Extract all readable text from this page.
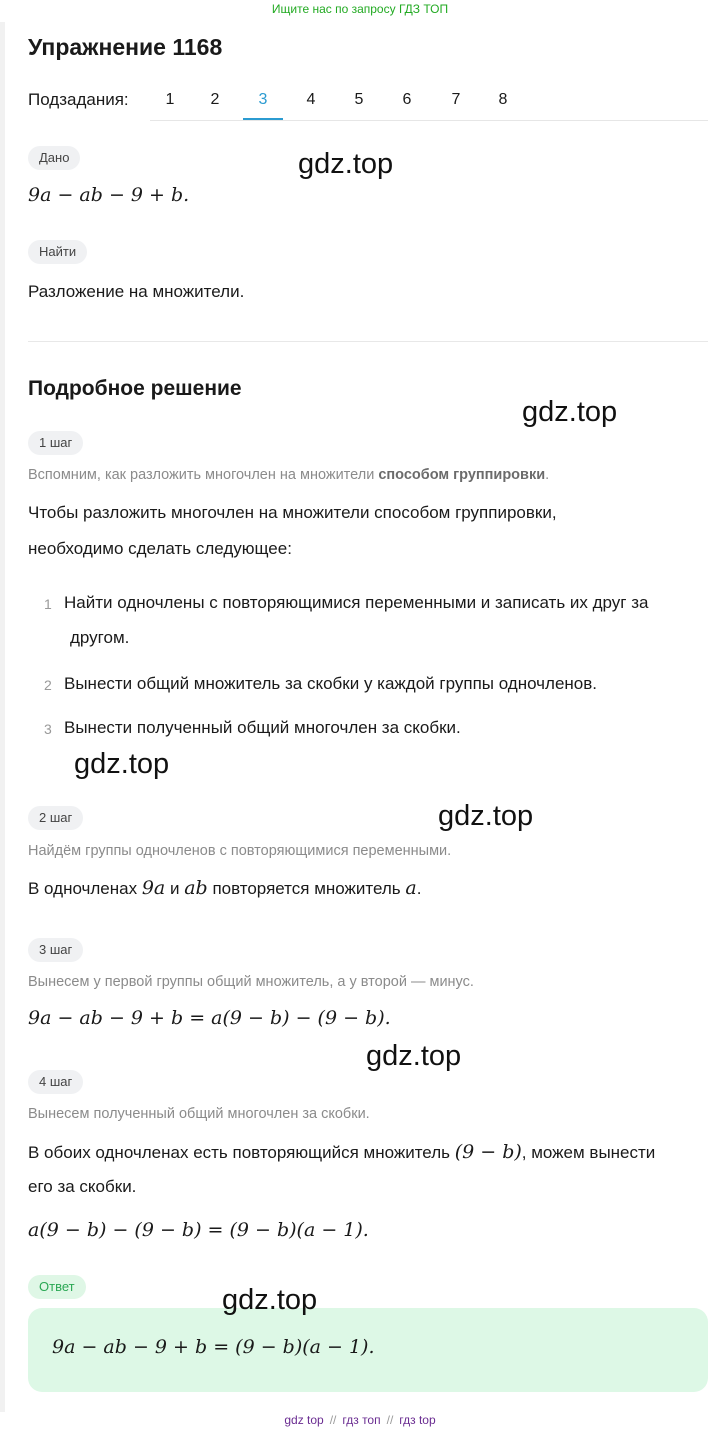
Ищите нас по запросу ГДЗ ТОП
Упражнение 1168
Подзадания:	1	2	3	4	5	6	7	8
Дано
9a − ab − 9 + b.
gdz.top
Найти
Разложение на множители.
Подробное решение
gdz.top
1 шаг
Вспомним, как разложить многочлен на множители способом группировки.
Чтобы разложить многочлен на множители способом группировки,
необходимо сделать следующее:
1 Найти одночлены с повторяющимися переменными и записать их друг за
другом.
2 Вынести общий множитель за скобки у каждой группы одночленов.
3 Вынести полученный общий многочлен за скобки.
gdz.top
gdz.top
2 шаг
Найдём группы одночленов с повторяющимися переменными.
В одночленах 9a и ab повторяется множитель a.
3 шаг
Вынесем у первой группы общий множитель, а у второй — минус.
9a − ab − 9 + b = a(9 − b) − (9 − b).
gdz.top
4 шаг
Вынесем полученный общий многочлен за скобки.
В обоих одночленах есть повторяющийся множитель (9 − b), можем вынести
его за скобки.
a(9 − b) − (9 − b) = (9 − b)(a − 1).
Ответ
9a − ab − 9 + b = (9 − b)(a − 1).
gdz.top
gdz top // гдз топ // гдз top
